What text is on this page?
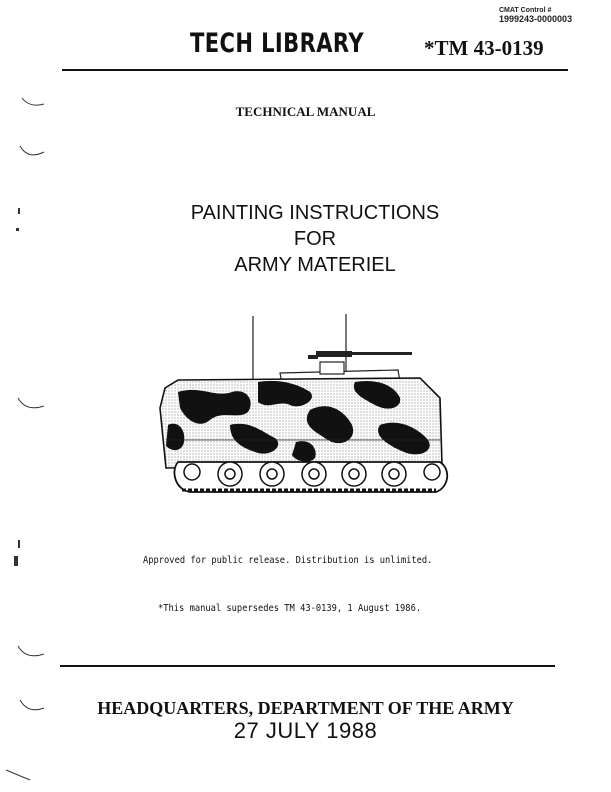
CMAT Control #
1999243-0000003
TECH LIBRARY	*TM 43-0139
TECHNICAL MANUAL
PAINTING INSTRUCTIONS
FOR
ARMY MATERIEL
Approved for public release. Distribution is unlimited.
*This manual supersedes TM 43-0139, 1 August 1986.
HEADQUARTERS, DEPARTMENT OF THE ARMY
27 JULY 1988
